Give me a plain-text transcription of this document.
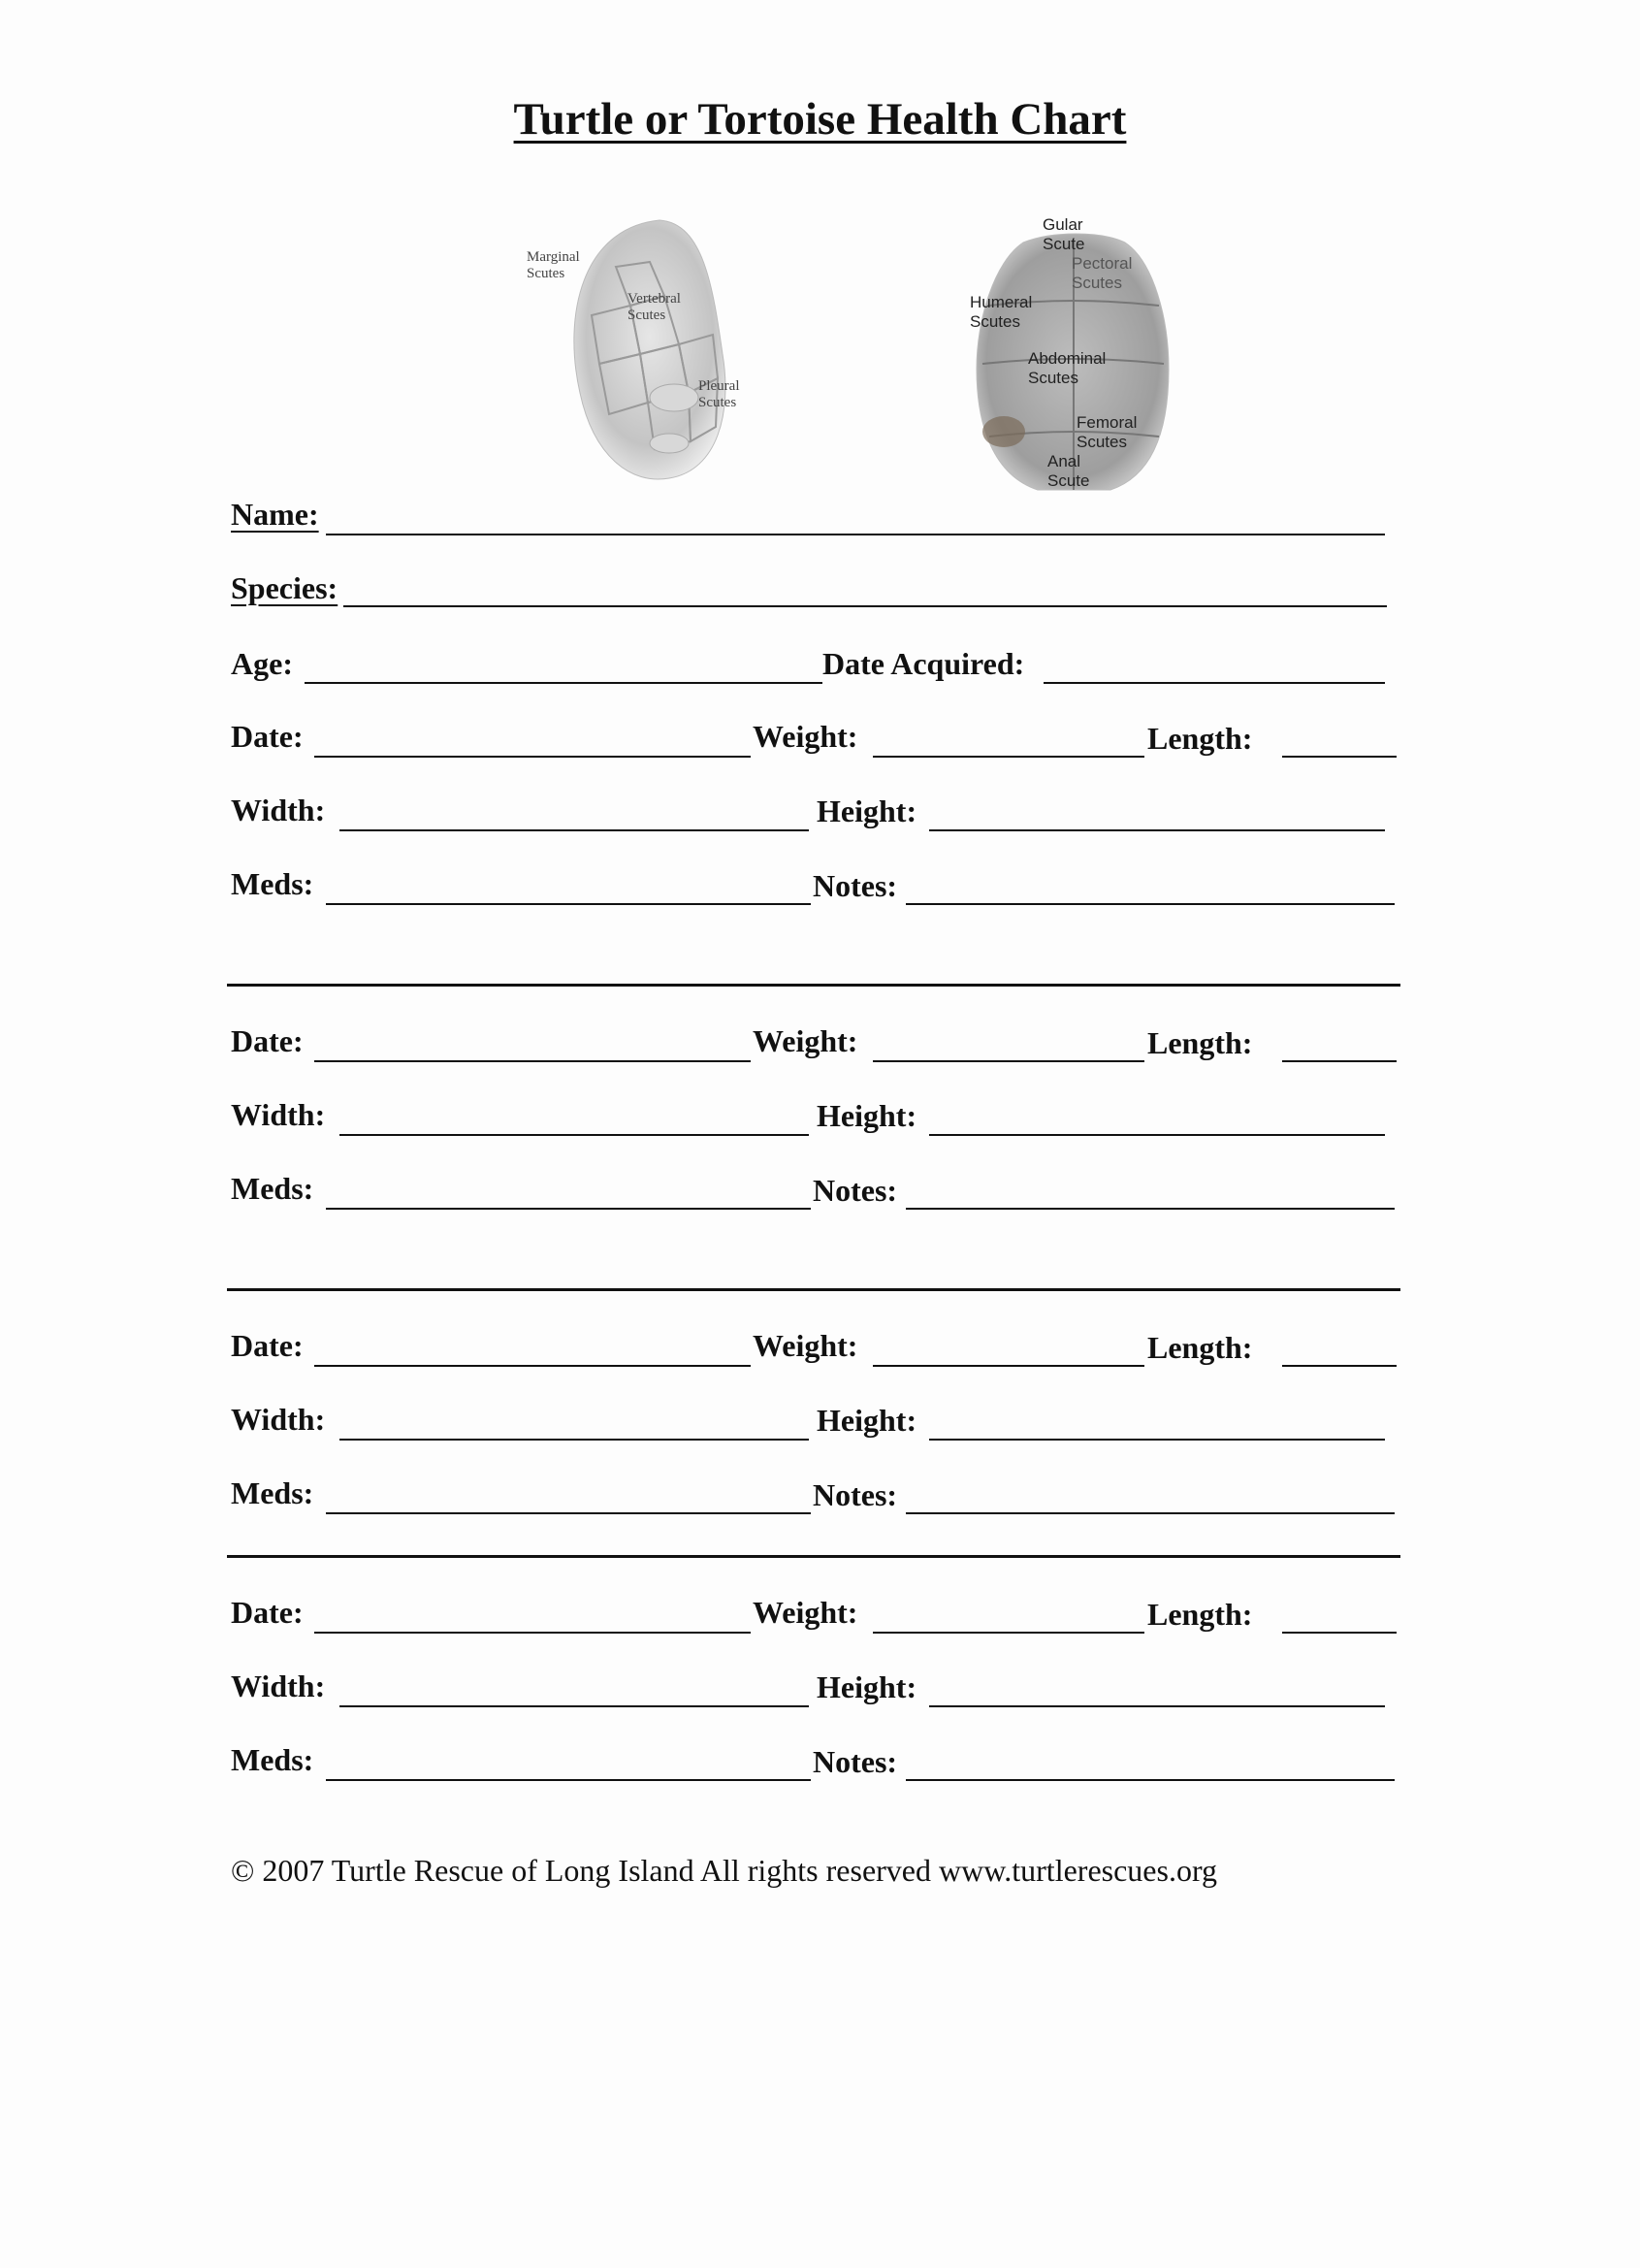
Turtle or Tortoise Health Chart
Marginal
Scutes
Vertebral
Scutes
Pleural
Scutes
Gular
Scute
Pectoral
Scutes
Humeral
Scutes
Abdominal
Scutes
Femoral
Scutes
Anal
Scute
Name:
Species:
Age:	Date Acquired:
Date:	Weight:	Length:
Width:	Height:
Meds:	Notes:
Date:	Weight:	Length:
Width:	Height:
Meds:	Notes:
Date:	Weight:	Length:
Width:	Height:
Meds:	Notes:
Date:	Weight:	Length:
Width:	Height:
Meds:	Notes:
© 2007 Turtle Rescue of Long Island All rights reserved www.turtlerescues.org
